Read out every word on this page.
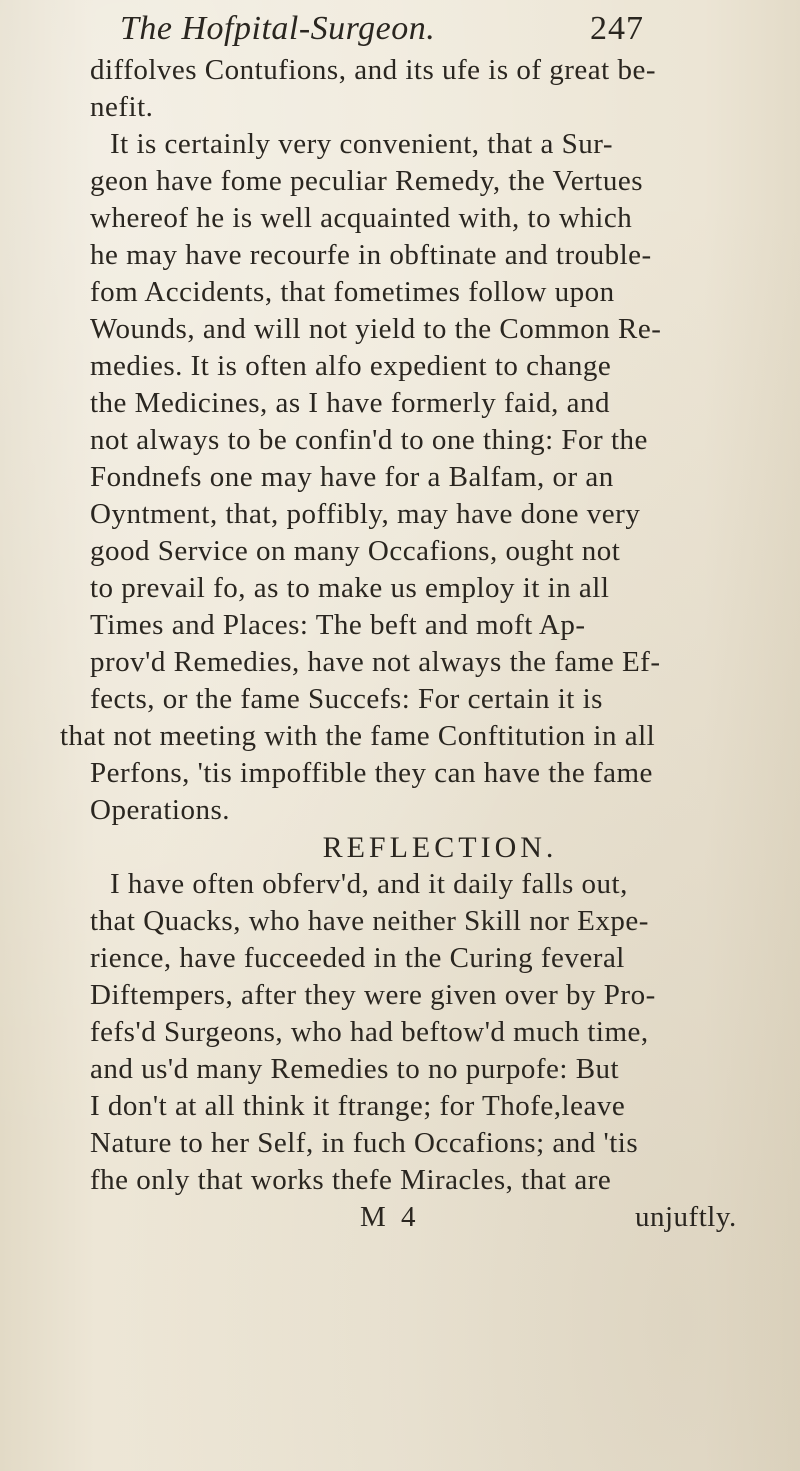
The Hofpital-Surgeon.	247
diffolves Contufions, and its ufe is of great be-
nefit.
It is certainly very convenient, that a Sur-
geon have fome peculiar Remedy, the Vertues
whereof he is well acquainted with, to which
he may have recourfe in obftinate and trouble-
fom Accidents, that fometimes follow upon
Wounds, and will not yield to the Common Re-
medies. It is often alfo expedient to change
the Medicines, as I have formerly faid, and
not always to be confin'd to one thing: For the
Fondnefs one may have for a Balfam, or an
Oyntment, that, poffibly, may have done very
good Service on many Occafions, ought not
to prevail fo, as to make us employ it in all
Times and Places: The beft and moft Ap-
prov'd Remedies, have not always the fame Ef-
fects, or the fame Succefs: For certain it is
that not meeting with the fame Conftitution in all
Perfons, 'tis impoffible they can have the fame
Operations.
REFLECTION.
I have often obferv'd, and it daily falls out,
that Quacks, who have neither Skill nor Expe-
rience, have fucceeded in the Curing feveral
Diftempers, after they were given over by Pro-
fefs'd Surgeons, who had beftow'd much time,
and us'd many Remedies to no purpofe: But
I don't at all think it ftrange; for Thofe,leave
Nature to her Self, in fuch Occafions; and 'tis
fhe only that works thefe Miracles, that are
M 4	unjuftly.
